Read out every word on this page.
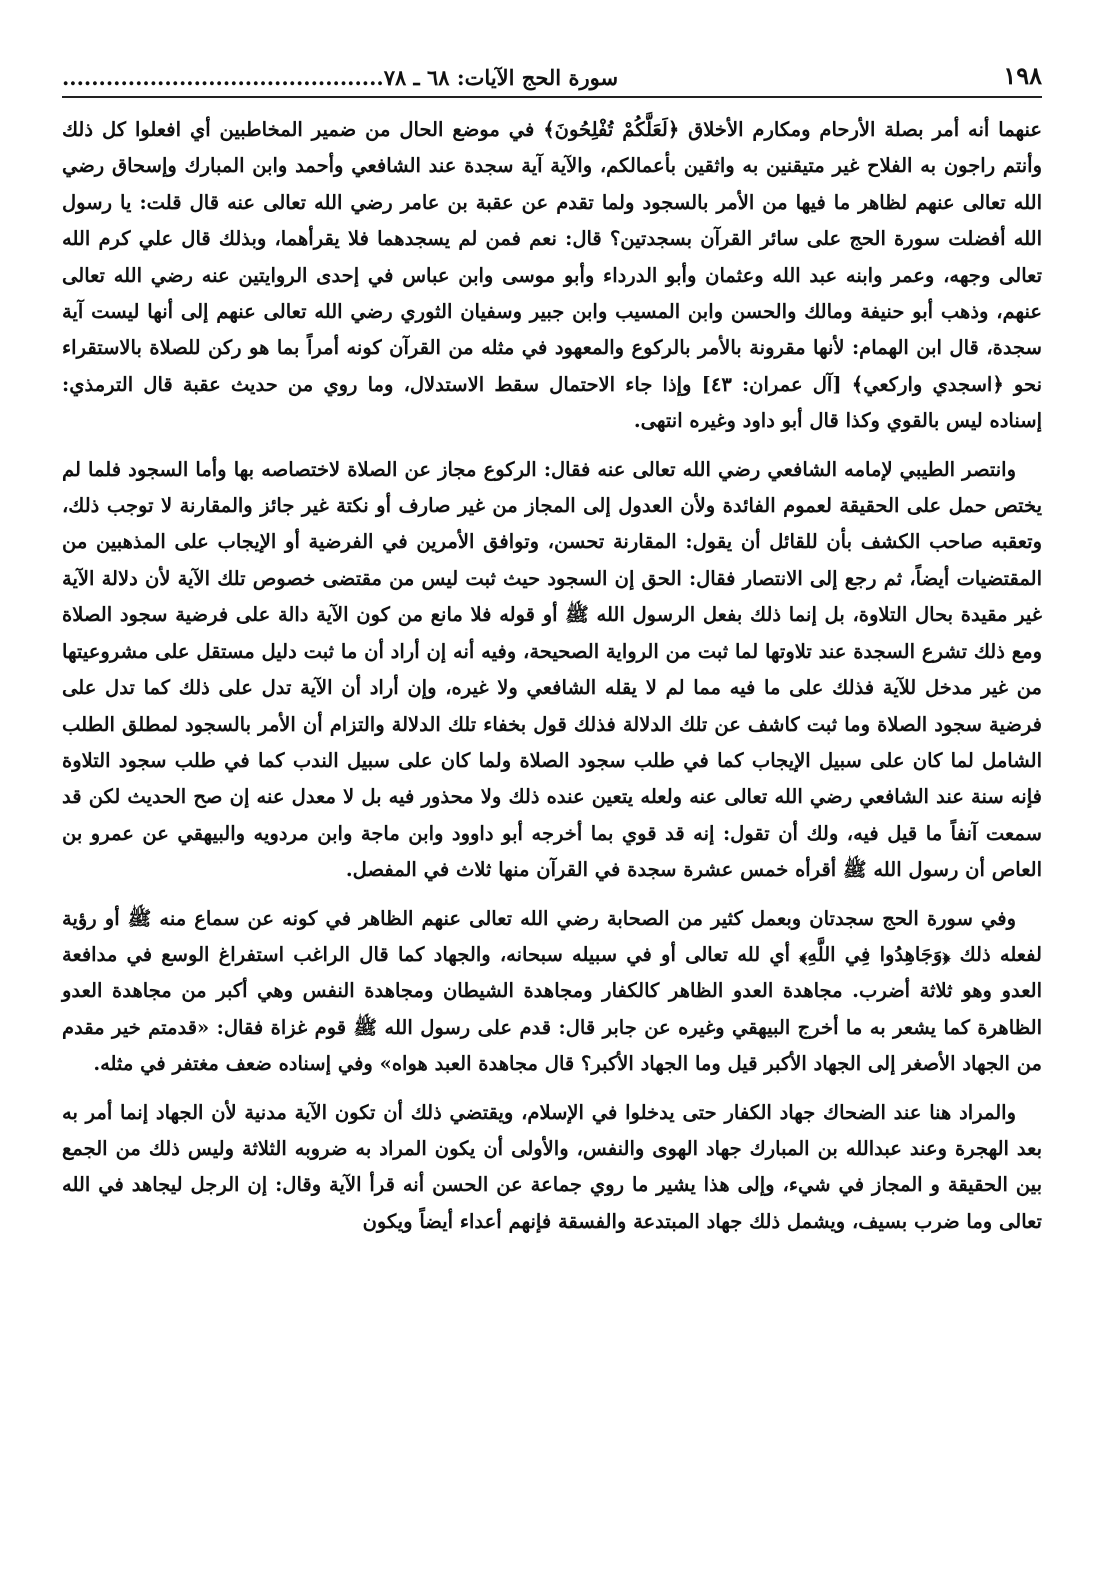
١٩٨
سورة الحج الآيات: ٦٨ ـ ٧٨............................................

عنهما أنه أمر بصلة الأرحام ومكارم الأخلاق ﴿لَعَلَّكُمْ تُفْلِحُونَ﴾ في موضع الحال من ضمير المخاطبين أي افعلوا كل ذلك وأنتم راجون به الفلاح غير متيقنين به واثقين بأعمالكم، والآية آية سجدة عند الشافعي وأحمد وابن المبارك وإسحاق رضي الله تعالى عنهم لظاهر ما فيها من الأمر بالسجود ولما تقدم عن عقبة بن عامر رضي الله تعالى عنه قال قلت: يا رسول الله أفضلت سورة الحج على سائر القرآن بسجدتين؟ قال: نعم فمن لم يسجدهما فلا يقرأهما، وبذلك قال علي كرم الله تعالى وجهه، وعمر وابنه عبد الله وعثمان وأبو الدرداء وأبو موسى وابن عباس في إحدى الروايتين عنه رضي الله تعالى عنهم، وذهب أبو حنيفة ومالك والحسن وابن المسيب وابن جبير وسفيان الثوري رضي الله تعالى عنهم إلى أنها ليست آية سجدة، قال ابن الهمام: لأنها مقرونة بالأمر بالركوع والمعهود في مثله من القرآن كونه أمراً بما هو ركن للصلاة بالاستقراء نحو ﴿اسجدي واركعي﴾ [آل عمران: ٤٣] وإذا جاء الاحتمال سقط الاستدلال، وما روي من حديث عقبة قال الترمذي: إسناده ليس بالقوي وكذا قال أبو داود وغيره انتهى.

وانتصر الطيبي لإمامه الشافعي رضي الله تعالى عنه فقال: الركوع مجاز عن الصلاة لاختصاصه بها وأما السجود فلما لم يختص حمل على الحقيقة لعموم الفائدة ولأن العدول إلى المجاز من غير صارف أو نكتة غير جائز والمقارنة لا توجب ذلك، وتعقبه صاحب الكشف بأن للقائل أن يقول: المقارنة تحسن، وتوافق الأمرين في الفرضية أو الإيجاب على المذهبين من المقتضيات أيضاً، ثم رجع إلى الانتصار فقال: الحق إن السجود حيث ثبت ليس من مقتضى خصوص تلك الآية لأن دلالة الآية غير مقيدة بحال التلاوة، بل إنما ذلك بفعل الرسول الله ﷺ أو قوله فلا مانع من كون الآية دالة على فرضية سجود الصلاة ومع ذلك تشرع السجدة عند تلاوتها لما ثبت من الرواية الصحيحة، وفيه أنه إن أراد أن ما ثبت دليل مستقل على مشروعيتها من غير مدخل للآية فذلك على ما فيه مما لم لا يقله الشافعي ولا غيره، وإن أراد أن الآية تدل على ذلك كما تدل على فرضية سجود الصلاة وما ثبت كاشف عن تلك الدلالة فذلك قول بخفاء تلك الدلالة والتزام أن الأمر بالسجود لمطلق الطلب الشامل لما كان على سبيل الإيجاب كما في طلب سجود الصلاة ولما كان على سبيل الندب كما في طلب سجود التلاوة فإنه سنة عند الشافعي رضي الله تعالى عنه ولعله يتعين عنده ذلك ولا محذور فيه بل لا معدل عنه إن صح الحديث لكن قد سمعت آنفاً ما قيل فيه، ولك أن تقول: إنه قد قوي بما أخرجه أبو داوود وابن ماجة وابن مردويه والبيهقي عن عمرو بن العاص أن رسول الله ﷺ أقرأه خمس عشرة سجدة في القرآن منها ثلاث في المفصل.

وفي سورة الحج سجدتان وبعمل كثير من الصحابة رضي الله تعالى عنهم الظاهر في كونه عن سماع منه ﷺ أو رؤية لفعله ذلك ﴿وَجَاهِدُوا فِي اللَّهِ﴾ أي لله تعالى أو في سبيله سبحانه، والجهاد كما قال الراغب استفراغ الوسع في مدافعة العدو وهو ثلاثة أضرب. مجاهدة العدو الظاهر كالكفار ومجاهدة الشيطان ومجاهدة النفس وهي أكبر من مجاهدة العدو الظاهرة كما يشعر به ما أخرج البيهقي وغيره عن جابر قال: قدم على رسول الله ﷺ قوم غزاة فقال: «قدمتم خير مقدم من الجهاد الأصغر إلى الجهاد الأكبر قيل وما الجهاد الأكبر؟ قال مجاهدة العبد هواه» وفي إسناده ضعف مغتفر في مثله.

والمراد هنا عند الضحاك جهاد الكفار حتى يدخلوا في الإسلام، ويقتضي ذلك أن تكون الآية مدنية لأن الجهاد إنما أمر به بعد الهجرة وعند عبدالله بن المبارك جهاد الهوى والنفس، والأولى أن يكون المراد به ضروبه الثلاثة وليس ذلك من الجمع بين الحقيقة و المجاز في شيء، وإلى هذا يشير ما روي جماعة عن الحسن أنه قرأ الآية وقال: إن الرجل ليجاهد في الله تعالى وما ضرب بسيف، ويشمل ذلك جهاد المبتدعة والفسقة فإنهم أعداء أيضاً ويكون
